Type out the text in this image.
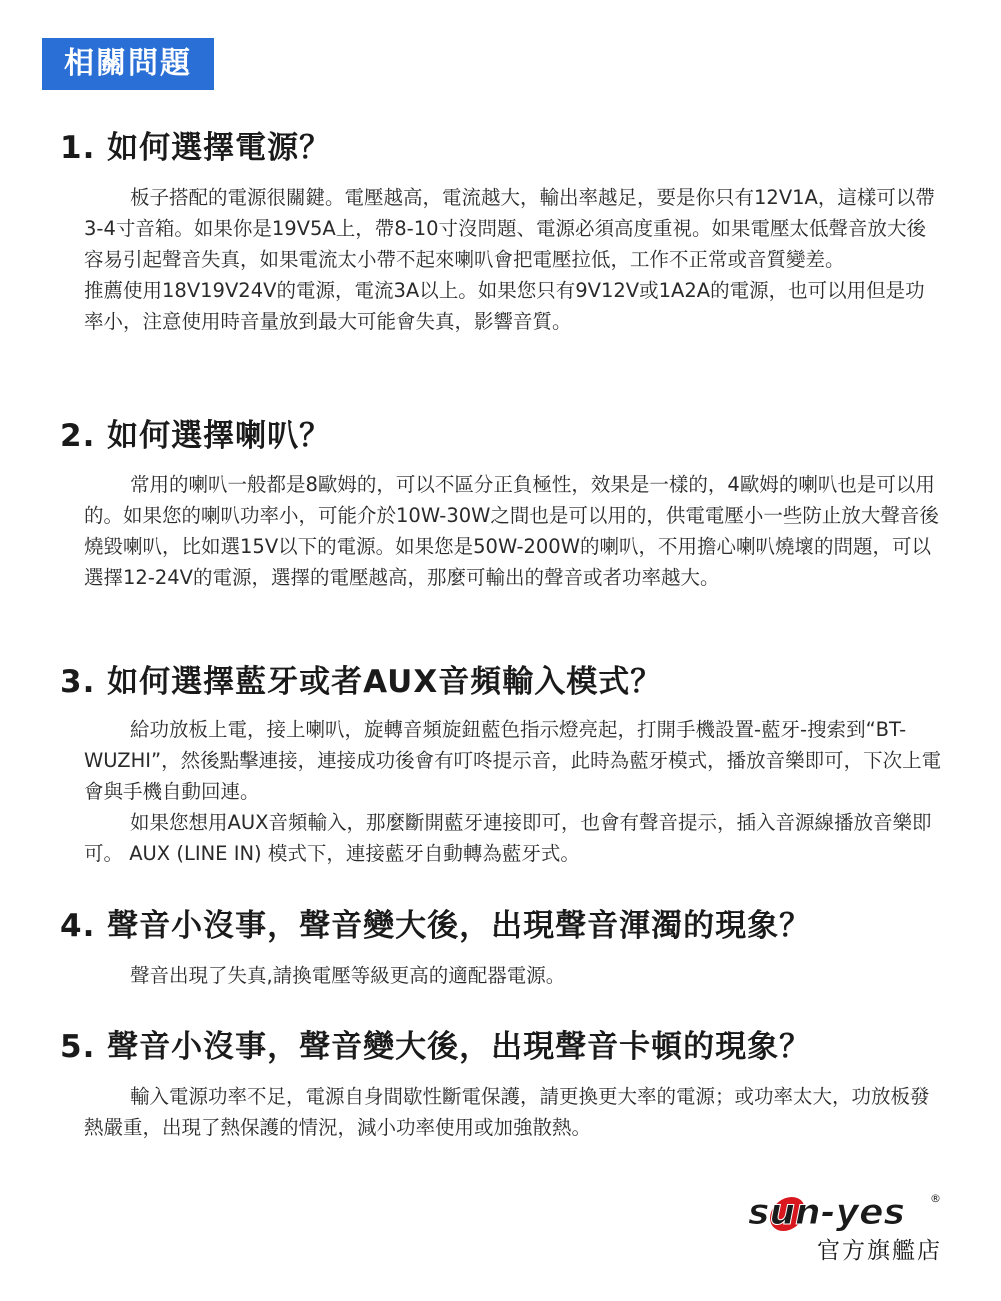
相關問題
1. 如何選擇電源？

板子搭配的電源很關鍵。電壓越高，電流越大，輸出率越足，要是你只有12V1A，這樣可以帶3-4寸音箱。如果你是19V5A上，帶8-10寸沒問題、電源必須高度重視。如果電壓太低聲音放大後容易引起聲音失真，如果電流太小帶不起來喇叭會把電壓拉低，工作不正常或音質變差。

推薦使用18V19V24V的電源，電流3A以上。如果您只有9V12V或1A2A的電源，也可以用但是功率小，注意使用時音量放到最大可能會失真，影響音質。

2. 如何選擇喇叭？

常用的喇叭一般都是8歐姆的，可以不區分正負極性，效果是一樣的，4歐姆的喇叭也是可以用的。如果您的喇叭功率小，可能介於10W-30W之間也是可以用的，供電電壓小一些防止放大聲音後燒毀喇叭，比如選15V以下的電源。如果您是50W-200W的喇叭，不用擔心喇叭燒壞的問題，可以選擇12-24V的電源，選擇的電壓越高，那麼可輸出的聲音或者功率越大。

3. 如何選擇藍牙或者AUX音頻輸入模式？

給功放板上電，接上喇叭，旋轉音頻旋鈕藍色指示燈亮起，打開手機設置-藍牙-搜索到“BT-WUZHI”，然後點擊連接，連接成功後會有叮咚提示音，此時為藍牙模式，播放音樂即可，下次上電會與手機自動回連。

如果您想用AUX音頻輸入，那麼斷開藍牙連接即可，也會有聲音提示，插入音源線播放音樂即可。 AUX (LINE IN) 模式下，連接藍牙自動轉為藍牙式。

4. 聲音小沒事，聲音變大後，出現聲音渾濁的現象？

聲音出現了失真,請換電壓等級更高的適配器電源。

5. 聲音小沒事，聲音變大後，出現聲音卡頓的現象？

輸入電源功率不足，電源自身間歇性斷電保護，請更換更大率的電源；或功率太大，功放板發熱嚴重，出現了熱保護的情況，減小功率使用或加強散熱。

sun-yes ®
官方旗艦店
